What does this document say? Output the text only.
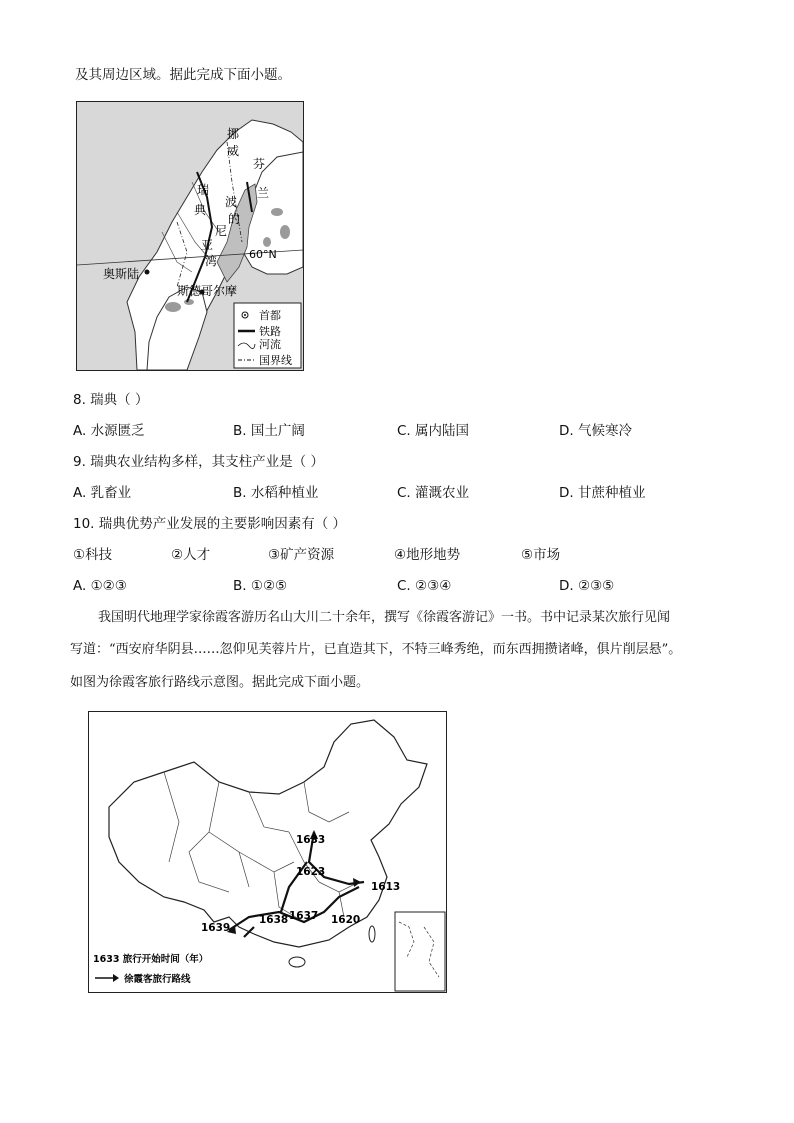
及其周边区域。据此完成下面小题。
挪
威
芬
兰
瑞
典
波
的
尼
亚
湾	60°N
奥斯陆
斯德哥尔摩
首都
铁路
河流
国界线
8. 瑞典（ ）
A. 水源匮乏	B. 国土广阔	C. 属内陆国	D. 气候寒冷
9. 瑞典农业结构多样，其支柱产业是（ ）
A. 乳畜业	B. 水稻种植业	C. 灌溉农业	D. 甘蔗种植业
10. 瑞典优势产业发展的主要影响因素有（ ）
①科技	②人才	③矿产资源	④地形地势	⑤市场
A. ①②③	B. ①②⑤	C. ②③④	D. ②③⑤
我国明代地理学家徐霞客游历名山大川二十余年，撰写《徐霞客游记》一书。书中记录某次旅行见闻
写道：“西安府华阴县……忽仰见芙蓉片片，已直造其下，不特三峰秀绝，而东西拥攒诸峰，俱片削层悬”。
如图为徐霞客旅行路线示意图。据此完成下面小题。
1633
1623
1613
1638 1637 1620
1639
1633 旅行开始时间（年）
徐霞客旅行路线
